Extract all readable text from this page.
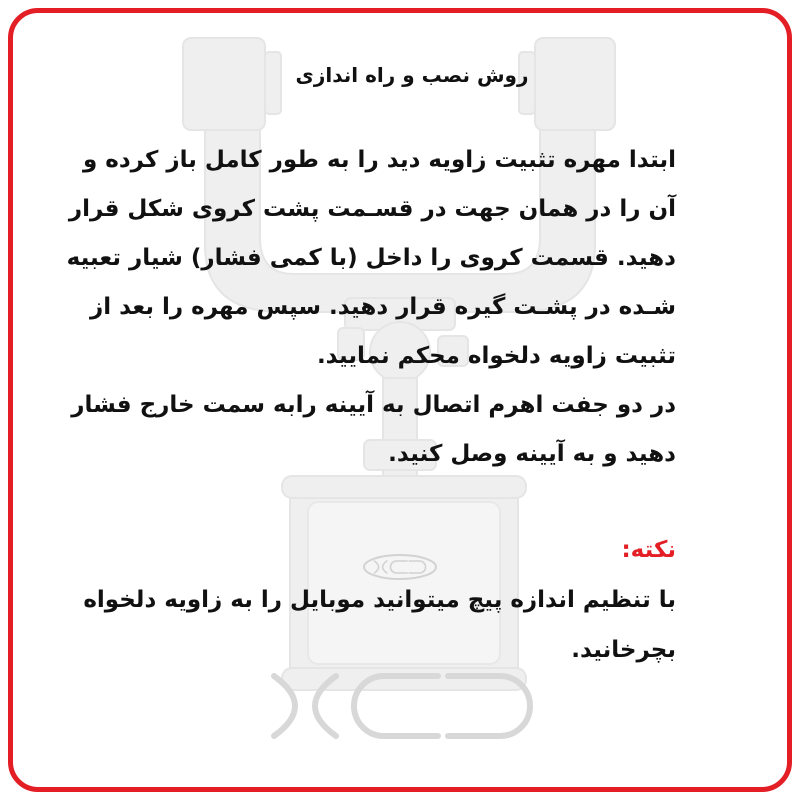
روش نصب و راه اندازی
ابتدا مهره تثبیت زاویه دید را به طور کامل باز کرده و
آن را در همان جهت در قسـمت پشت کروی شکل قرار
دهید. قسمت کروی را داخل (با کمی فشار) شیار تعبیه
شـده در پشـت گیره قرار دهید. سپس مهره را بعد از
تثبیت زاویه دلخواه محکم نمایید.
در دو جفت اهرم اتصال به آیینه رابه سمت خارج فشار
دهید و به آیینه وصل کنید.
نکته:
با تنظیم اندازه پیچ میتوانید موبایل را به زاویه دلخواه
بچرخانید.
